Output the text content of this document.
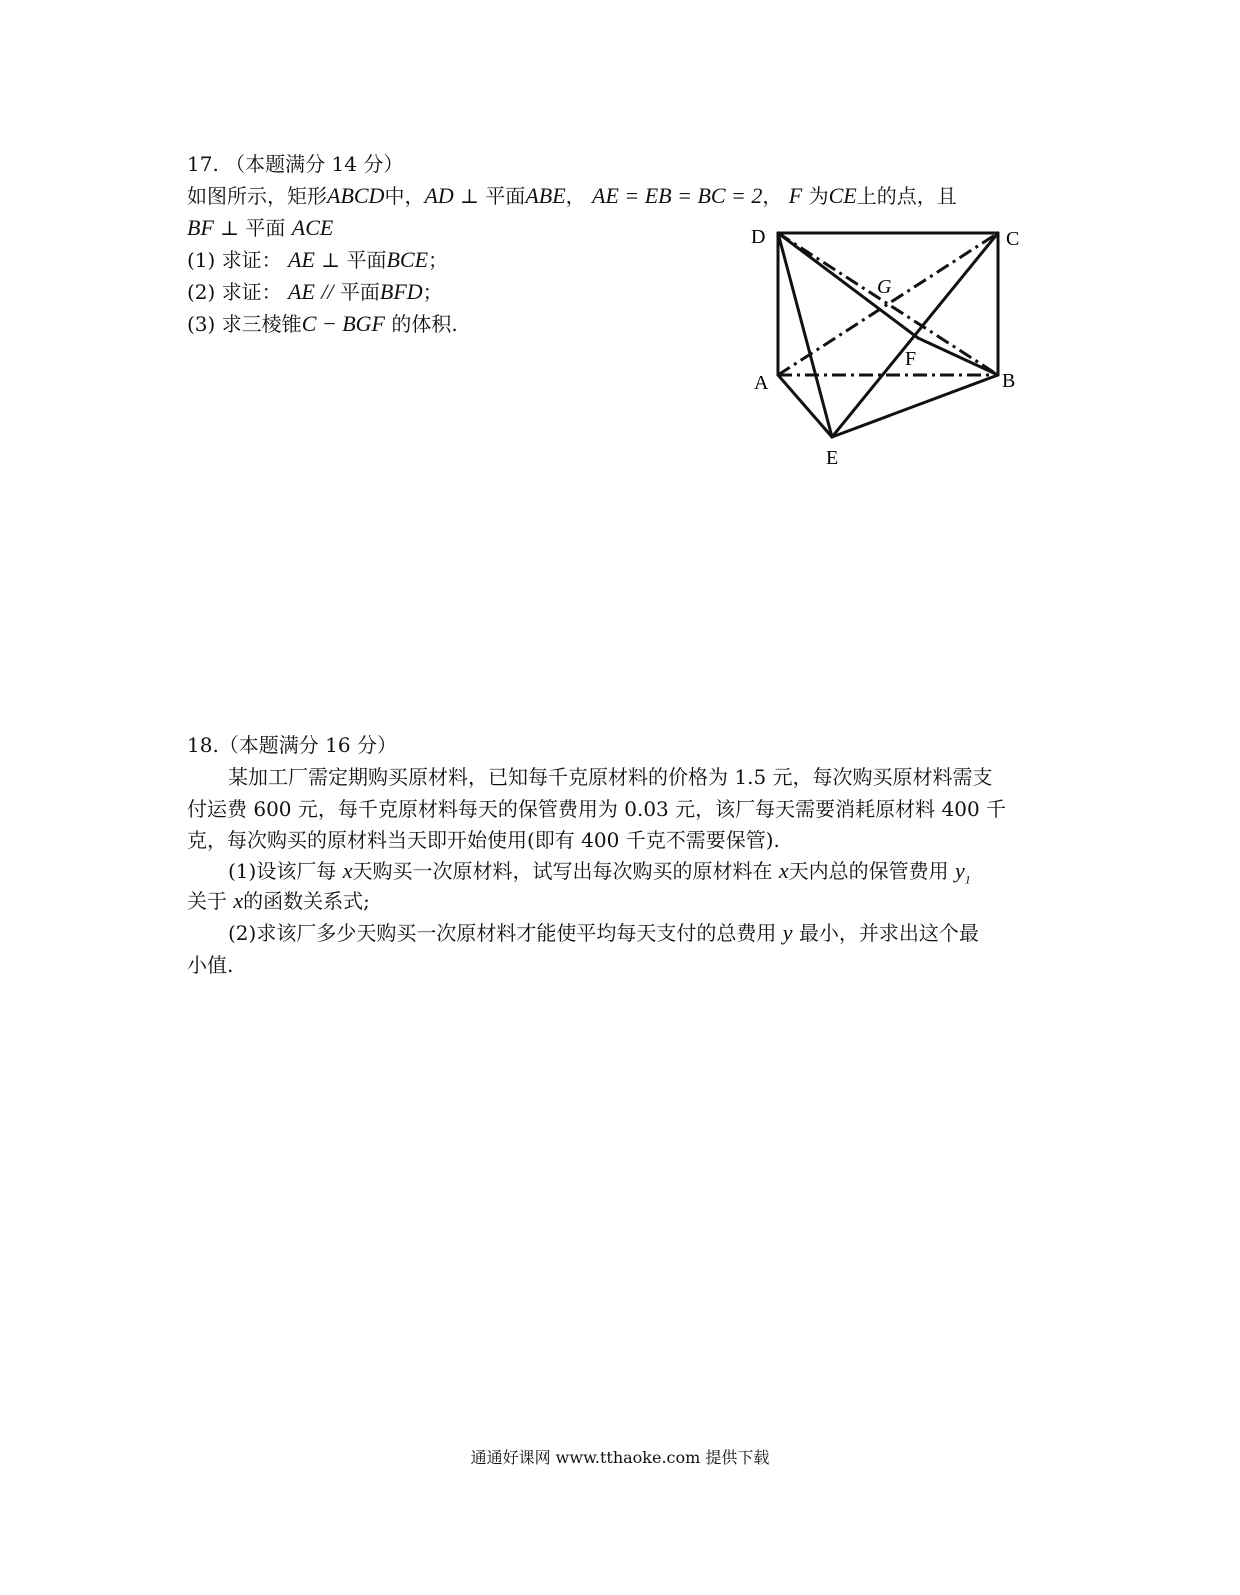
17. （本题满分 14 分）
如图所示，矩形ABCD中，AD ⊥ 平面ABE， AE = EB = BC = 2， F 为CE上的点，且
BF ⊥ 平面 ACE
(1) 求证： AE ⊥ 平面BCE；
(2) 求证： AE // 平面BFD；
(3) 求三棱锥C − BGF 的体积.
D	C
A	B
E
F
G
18.（本题满分 16 分）
某加工厂需定期购买原材料，已知每千克原材料的价格为 1.5 元，每次购买原材料需支
付运费 600 元，每千克原材料每天的保管费用为 0.03 元，该厂每天需要消耗原材料 400 千
克，每次购买的原材料当天即开始使用(即有 400 千克不需要保管).
(1)设该厂每 x天购买一次原材料，试写出每次购买的原材料在 x天内总的保管费用 $y_1$
关于 x的函数关系式;
(2)求该厂多少天购买一次原材料才能使平均每天支付的总费用 y 最小，并求出这个最
小值.
通通好课网 www.tthaoke.com 提供下载
